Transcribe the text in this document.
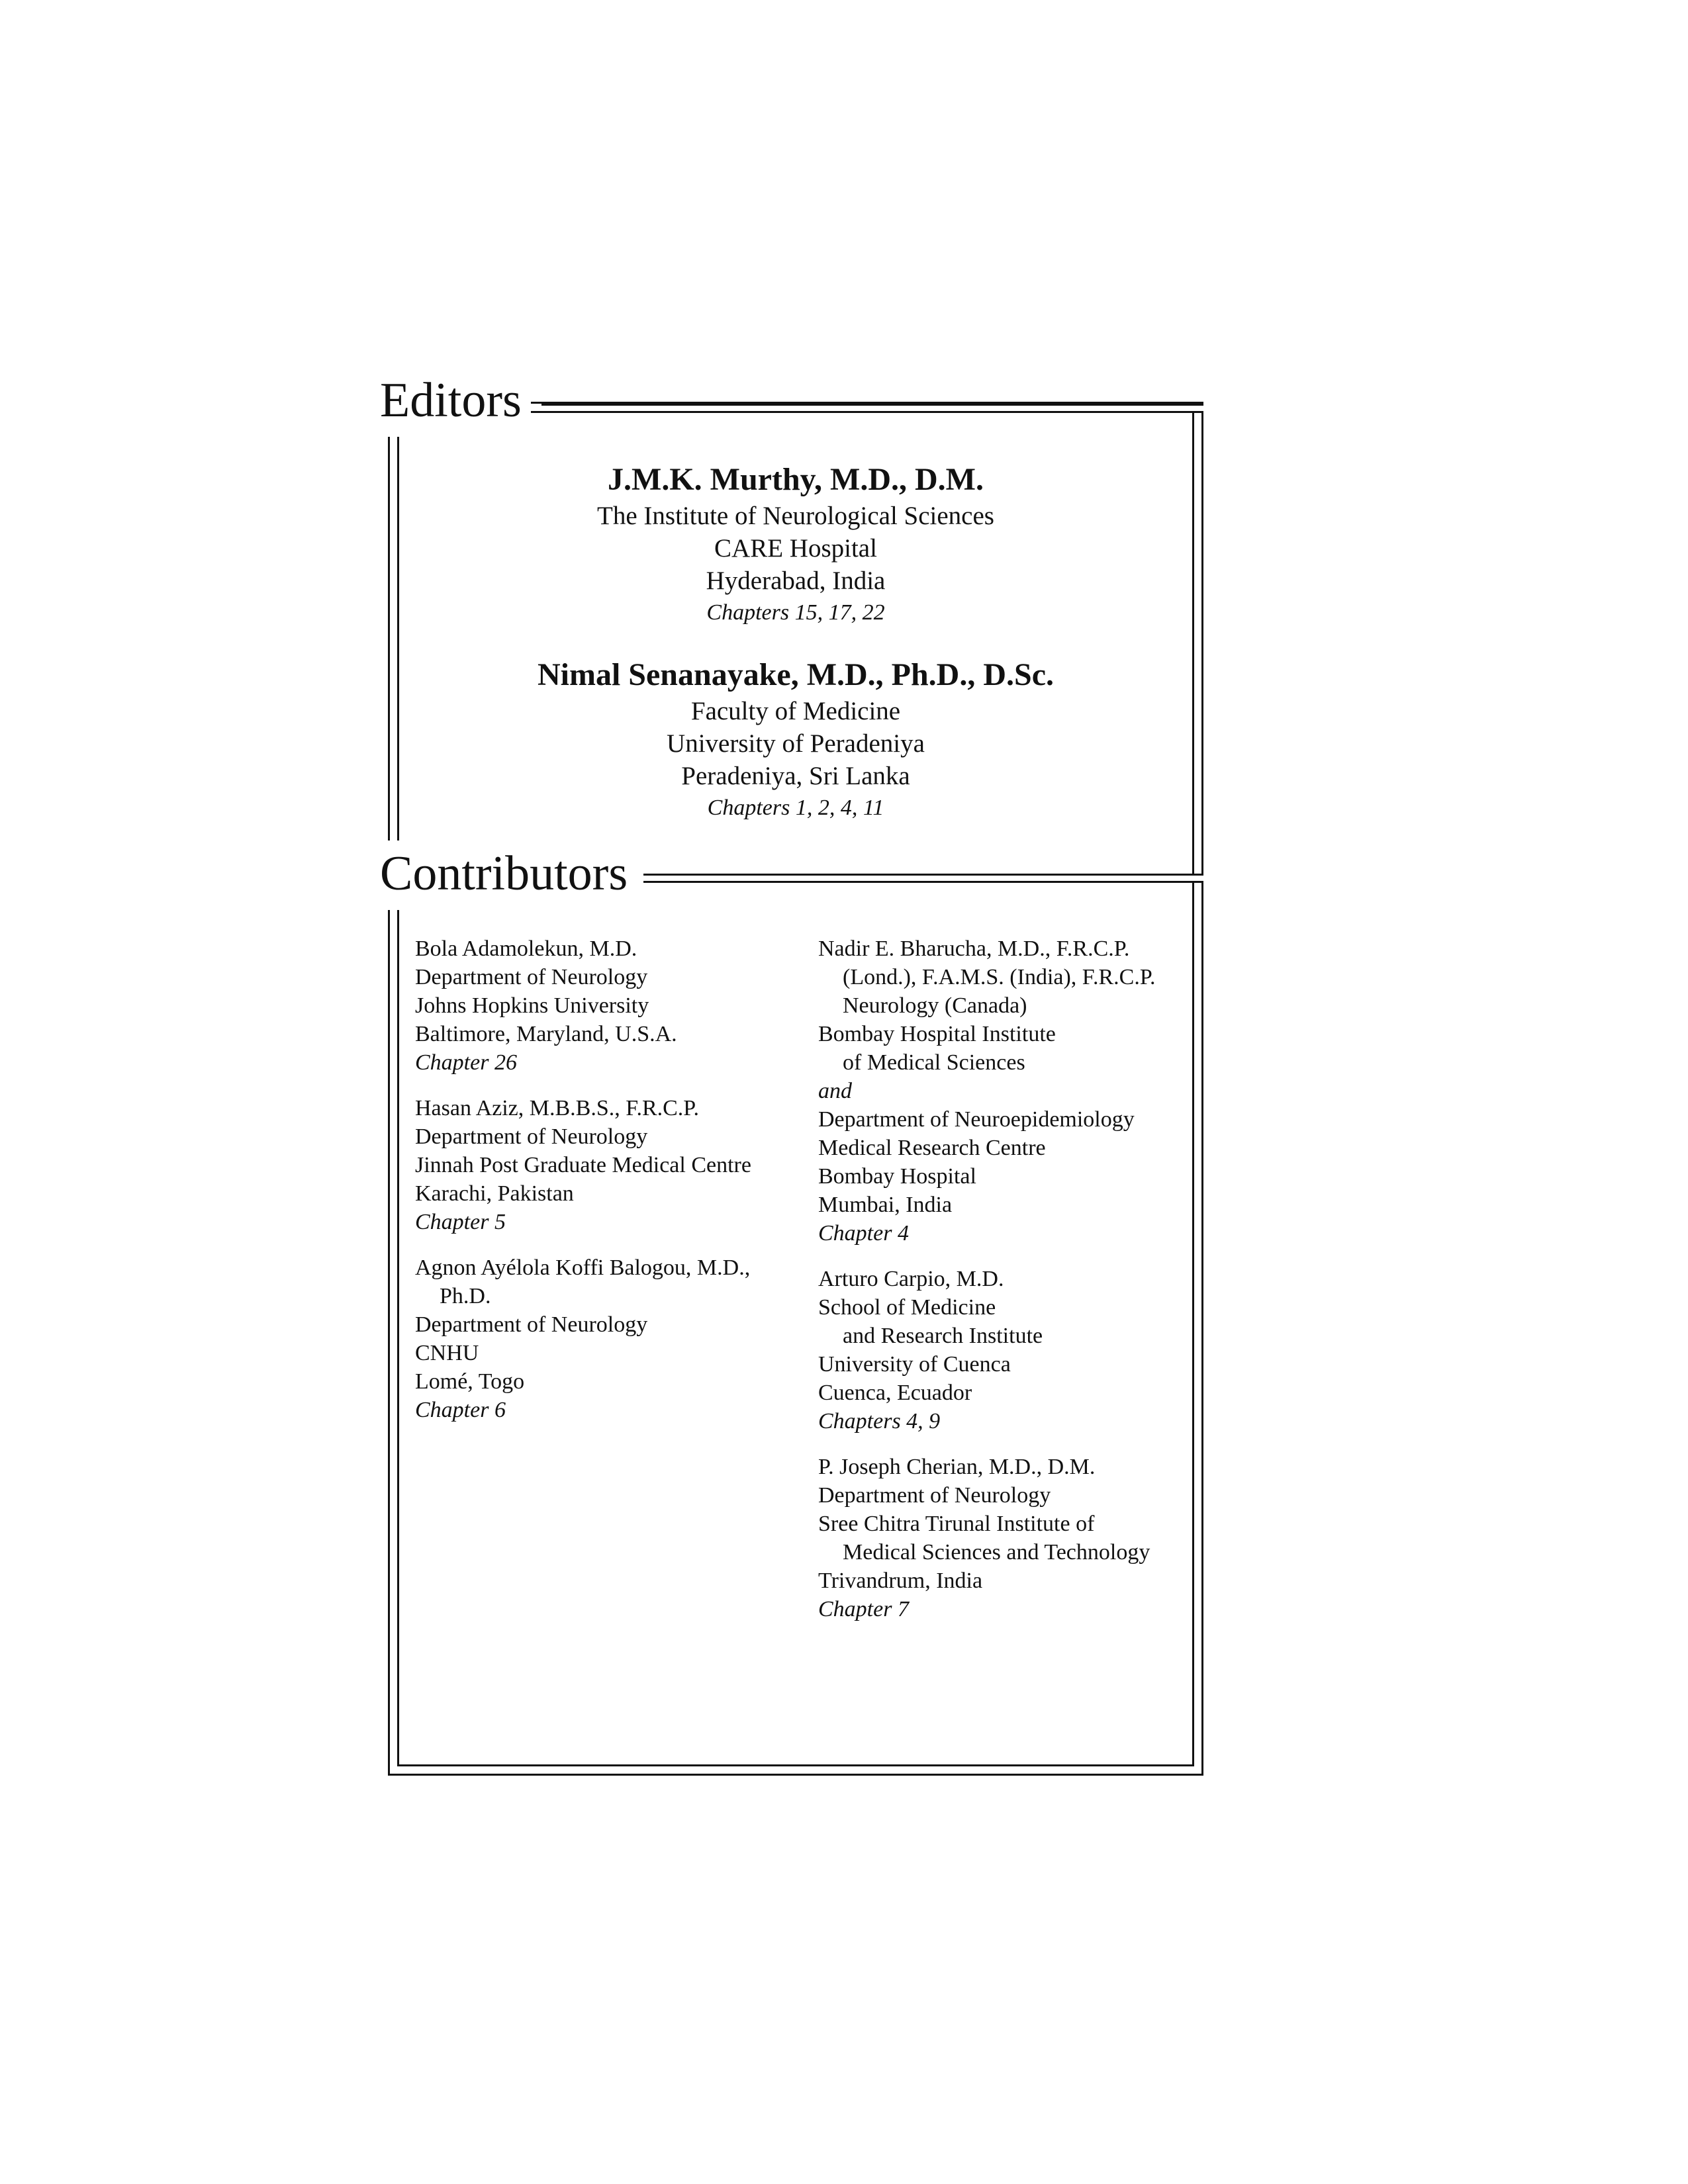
Editors
Contributors
J.M.K. Murthy, M.D., D.M.
The Institute of Neurological Sciences
CARE Hospital
Hyderabad, India
Chapters 15, 17, 22
Nimal Senanayake, M.D., Ph.D., D.Sc.
Faculty of Medicine
University of Peradeniya
Peradeniya, Sri Lanka
Chapters 1, 2, 4, 11
Bola Adamolekun, M.D.
Department of Neurology
Johns Hopkins University
Baltimore, Maryland, U.S.A.
Chapter 26
Hasan Aziz, M.B.B.S., F.R.C.P.
Department of Neurology
Jinnah Post Graduate Medical Centre
Karachi, Pakistan
Chapter 5
Agnon Ayélola Koffi Balogou, M.D.,
Ph.D.
Department of Neurology
CNHU
Lomé, Togo
Chapter 6
Nadir E. Bharucha, M.D., F.R.C.P.
(Lond.), F.A.M.S. (India), F.R.C.P.
Neurology (Canada)
Bombay Hospital Institute
of Medical Sciences
and
Department of Neuroepidemiology
Medical Research Centre
Bombay Hospital
Mumbai, India
Chapter 4
Arturo Carpio, M.D.
School of Medicine
and Research Institute
University of Cuenca
Cuenca, Ecuador
Chapters 4, 9
P. Joseph Cherian, M.D., D.M.
Department of Neurology
Sree Chitra Tirunal Institute of
Medical Sciences and Technology
Trivandrum, India
Chapter 7
